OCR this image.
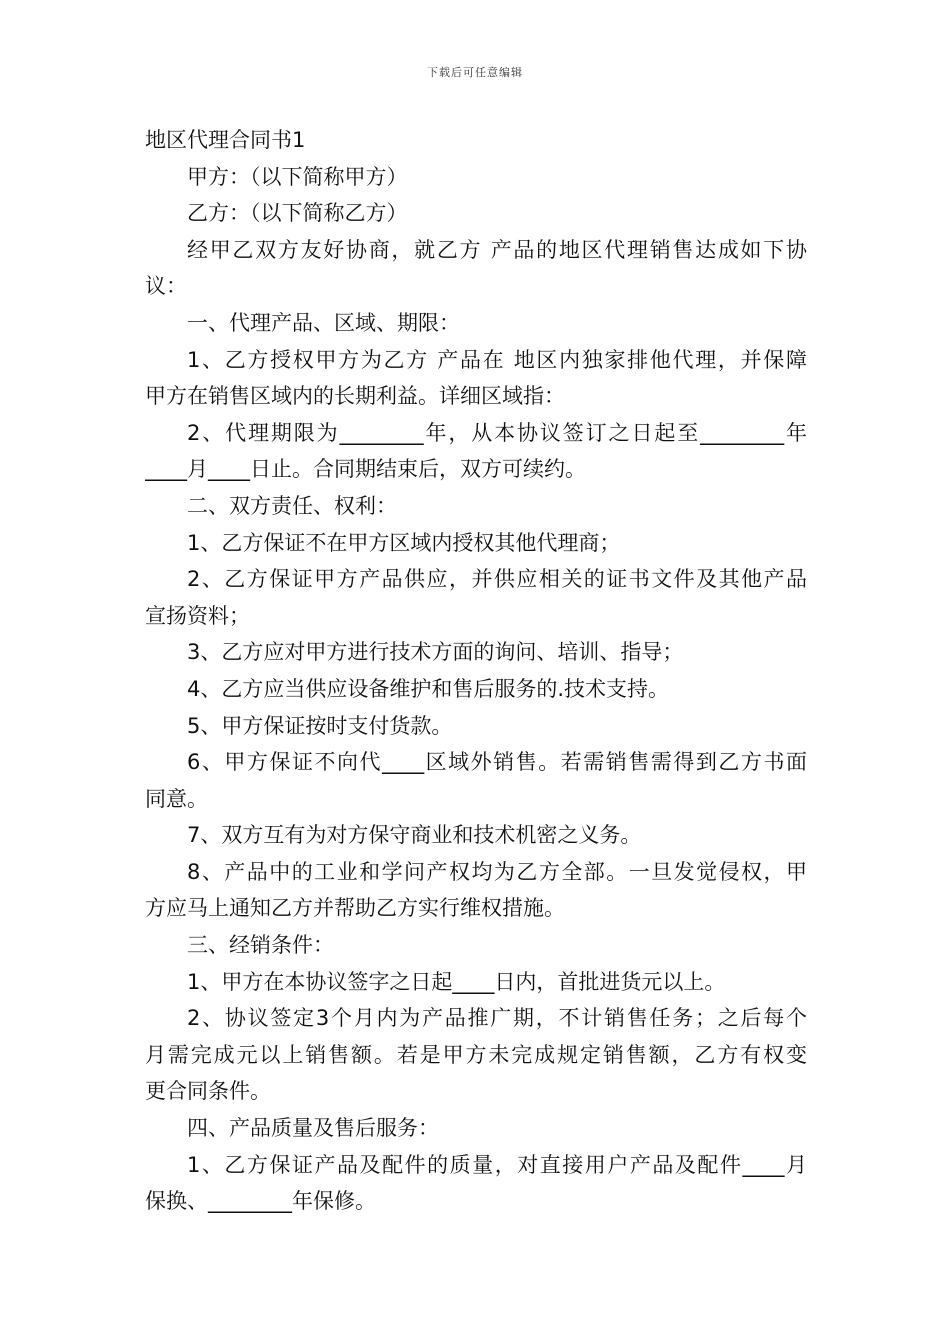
下载后可任意编辑
地区代理合同书1
甲方：（以下简称甲方）
乙方：（以下简称乙方）
经甲乙双方友好协商，就乙方 产品的地区代理销售达成如下协
议：
一、代理产品、区域、期限：
1、乙方授权甲方为乙方 产品在 地区内独家排他代理，并保障
甲方在销售区域内的长期利益。详细区域指：
2、代理期限为________年，从本协议签订之日起至________年
____月____日止。合同期结束后，双方可续约。
二、双方责任、权利：
1、乙方保证不在甲方区域内授权其他代理商；
2、乙方保证甲方产品供应，并供应相关的证书文件及其他产品
宣扬资料；
3、乙方应对甲方进行技术方面的询问、培训、指导；
4、乙方应当供应设备维护和售后服务的.技术支持。
5、甲方保证按时支付货款。
6、甲方保证不向代____区域外销售。若需销售需得到乙方书面
同意。
7、双方互有为对方保守商业和技术机密之义务。
8、产品中的工业和学问产权均为乙方全部。一旦发觉侵权，甲
方应马上通知乙方并帮助乙方实行维权措施。
三、经销条件：
1、甲方在本协议签字之日起____日内，首批进货元以上。
2、协议签定3个月内为产品推广期，不计销售任务；之后每个
月需完成元以上销售额。若是甲方未完成规定销售额，乙方有权变
更合同条件。
四、产品质量及售后服务：
1、乙方保证产品及配件的质量，对直接用户产品及配件____月
保换、________年保修。
